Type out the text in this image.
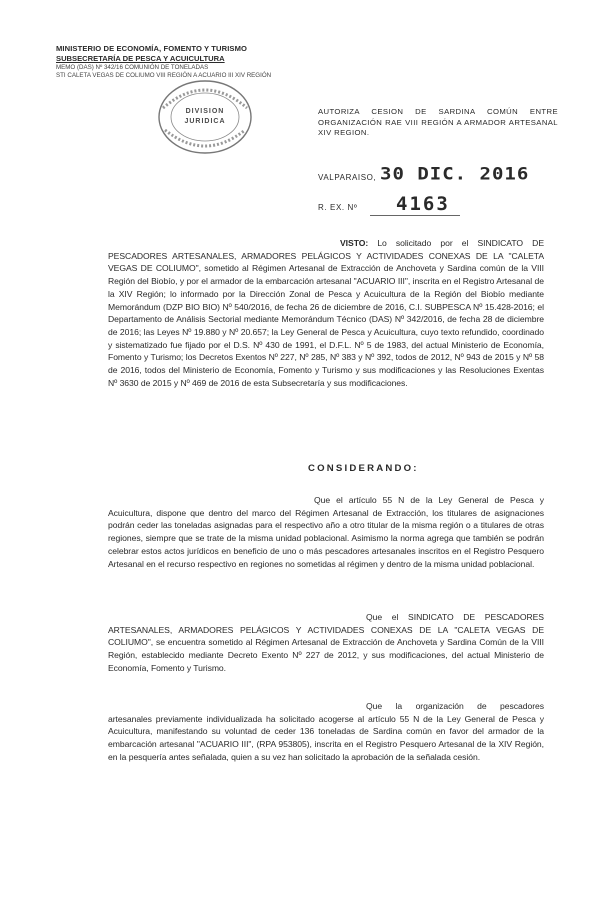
MINISTERIO DE ECONOMÍA, FOMENTO Y TURISMO
SUBSECRETARÍA DE PESCA Y ACUICULTURA
MEMO (DAS) Nº 342/16 COMUNIÓN DE TONELADAS
STI CALETA VEGAS DE COLIUMO VIII REGIÓN A ACUARIO III XIV REGIÓN
DIVISION
JURIDICA
AUTORIZA CESION DE SARDINA COMÚN ENTRE ORGANIZACIÓN RAE VIII REGIÓN A ARMADOR ARTESANAL XIV REGION.
VALPARAISO, 30 DIC. 2016
R. EX. Nº 4163
VISTO: Lo solicitado por el SINDICATO DE PESCADORES ARTESANALES, ARMADORES PELÁGICOS Y ACTIVIDADES CONEXAS DE LA "CALETA VEGAS DE COLIUMO", sometido al Régimen Artesanal de Extracción de Anchoveta y Sardina común de la VIII Región del Biobío, y por el armador de la embarcación artesanal "ACUARIO III", inscrita en el Registro Artesanal de la XIV Región; lo informado por la Dirección Zonal de Pesca y Acuicultura de la Región del Biobío mediante Memorándum (DZP BIO BIO) Nº 540/2016, de fecha 26 de diciembre de 2016, C.I. SUBPESCA Nº 15.428-2016; el Departamento de Análisis Sectorial mediante Memorándum Técnico (DAS) Nº 342/2016, de fecha 28 de diciembre de 2016; las Leyes Nº 19.880 y Nº 20.657; la Ley General de Pesca y Acuicultura, cuyo texto refundido, coordinado y sistematizado fue fijado por el D.S. Nº 430 de 1991, el D.F.L. Nº 5 de 1983, del actual Ministerio de Economía, Fomento y Turismo; los Decretos Exentos Nº 227, Nº 285, Nº 383 y Nº 392, todos de 2012, Nº 943 de 2015 y Nº 58 de 2016, todos del Ministerio de Economía, Fomento y Turismo y sus modificaciones y las Resoluciones Exentas Nº 3630 de 2015 y Nº 469 de 2016 de esta Subsecretaría y sus modificaciones.
CONSIDERANDO:
Que el artículo 55 N de la Ley General de Pesca y Acuicultura, dispone que dentro del marco del Régimen Artesanal de Extracción, los titulares de asignaciones podrán ceder las toneladas asignadas para el respectivo año a otro titular de la misma región o a titulares de otras regiones, siempre que se trate de la misma unidad poblacional. Asimismo la norma agrega que también se podrán celebrar estos actos jurídicos en beneficio de uno o más pescadores artesanales inscritos en el Registro Pesquero Artesanal en el recurso respectivo en regiones no sometidas al régimen y dentro de la misma unidad poblacional.
Que el SINDICATO DE PESCADORES ARTESANALES, ARMADORES PELÁGICOS Y ACTIVIDADES CONEXAS DE LA "CALETA VEGAS DE COLIUMO", se encuentra sometido al Régimen Artesanal de Extracción de Anchoveta y Sardina Común de la VIII Región, establecido mediante Decreto Exento Nº 227 de 2012, y sus modificaciones, del actual Ministerio de Economía, Fomento y Turismo.
Que la organización de pescadores artesanales previamente individualizada ha solicitado acogerse al artículo 55 N de la Ley General de Pesca y Acuicultura, manifestando su voluntad de ceder 136 toneladas de Sardina común en favor del armador de la embarcación artesanal "ACUARIO III", (RPA 953805), inscrita en el Registro Pesquero Artesanal de la XIV Región, en la pesquería antes señalada, quien a su vez han solicitado la aprobación de la señalada cesión.
